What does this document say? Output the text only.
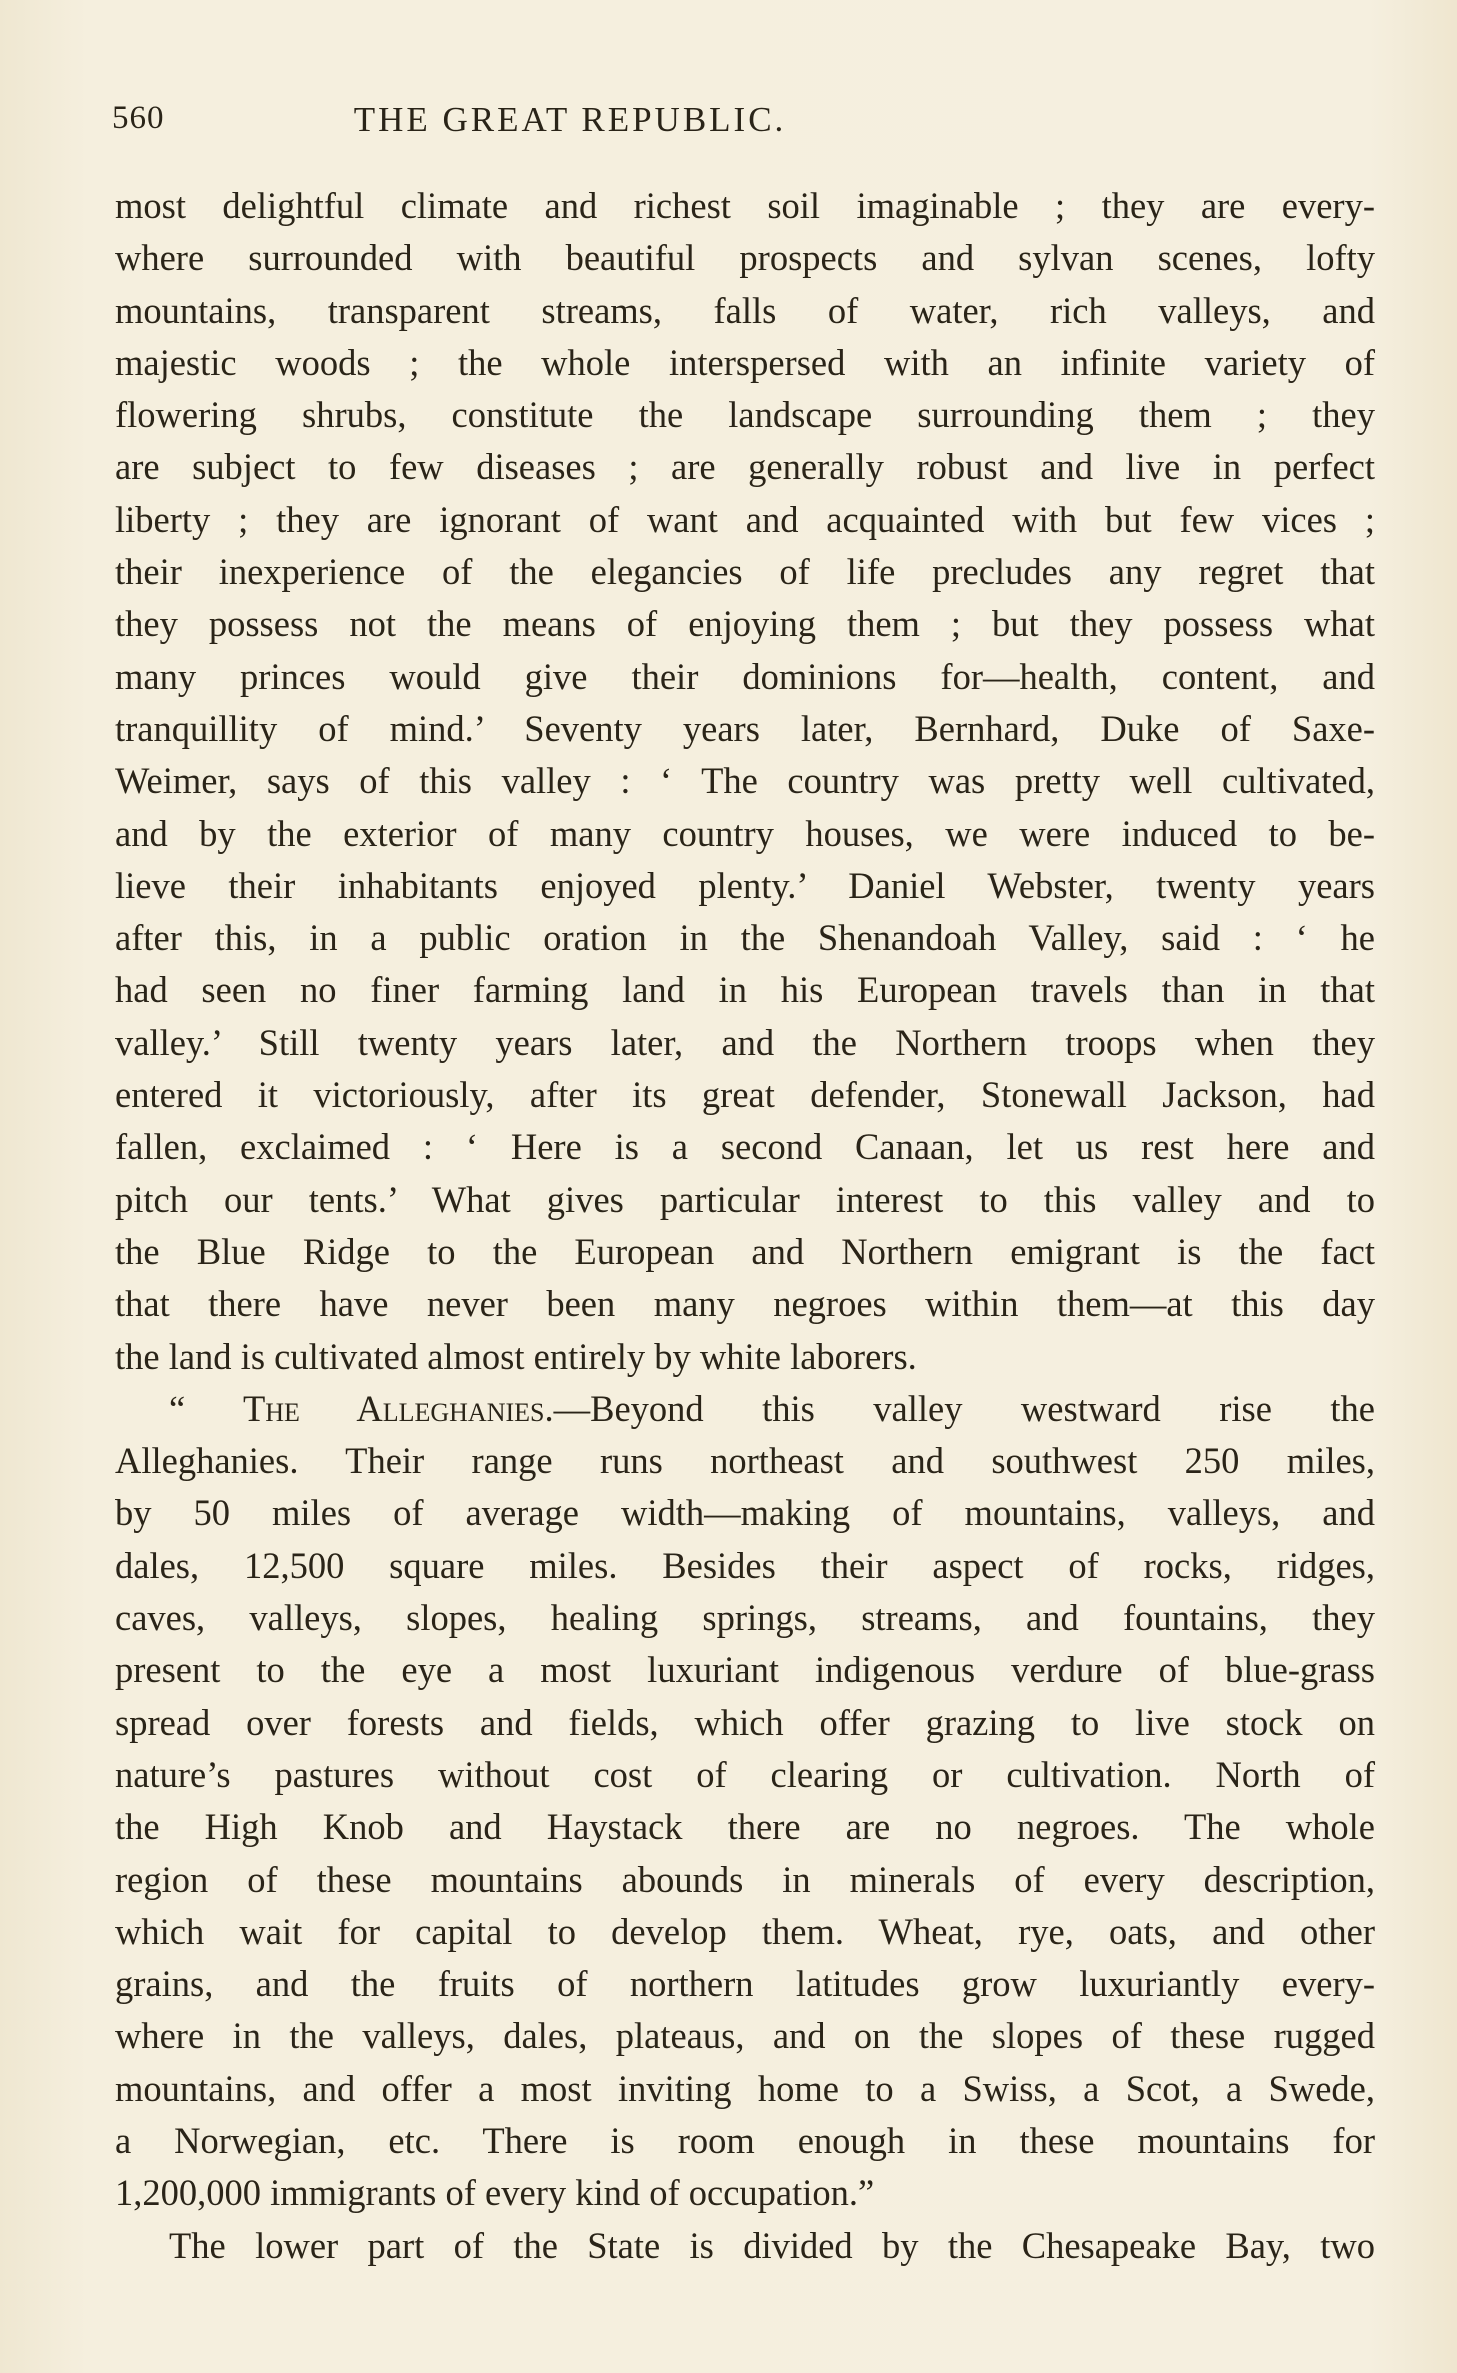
560	THE GREAT REPUBLIC.
most delightful climate and richest soil imaginable ; they are every-
where surrounded with beautiful prospects and sylvan scenes, lofty
mountains, transparent streams, falls of water, rich valleys, and
majestic woods ; the whole interspersed with an infinite variety of
flowering shrubs, constitute the landscape surrounding them ; they
are subject to few diseases ; are generally robust and live in perfect
liberty ; they are ignorant of want and acquainted with but few vices ;
their inexperience of the elegancies of life precludes any regret that
they possess not the means of enjoying them ; but they possess what
many princes would give their dominions for—health, content, and
tranquillity of mind.’ Seventy years later, Bernhard, Duke of Saxe-
Weimer, says of this valley : ‘ The country was pretty well cultivated,
and by the exterior of many country houses, we were induced to be-
lieve their inhabitants enjoyed plenty.’ Daniel Webster, twenty years
after this, in a public oration in the Shenandoah Valley, said : ‘ he
had seen no finer farming land in his European travels than in that
valley.’ Still twenty years later, and the Northern troops when they
entered it victoriously, after its great defender, Stonewall Jackson, had
fallen, exclaimed : ‘ Here is a second Canaan, let us rest here and
pitch our tents.’ What gives particular interest to this valley and to
the Blue Ridge to the European and Northern emigrant is the fact
that there have never been many negroes within them—at this day
the land is cultivated almost entirely by white laborers.
“ The Alleghanies.—Beyond this valley westward rise the
Alleghanies. Their range runs northeast and southwest 250 miles,
by 50 miles of average width—making of mountains, valleys, and
dales, 12,500 square miles. Besides their aspect of rocks, ridges,
caves, valleys, slopes, healing springs, streams, and fountains, they
present to the eye a most luxuriant indigenous verdure of blue-grass
spread over forests and fields, which offer grazing to live stock on
nature’s pastures without cost of clearing or cultivation. North of
the High Knob and Haystack there are no negroes. The whole
region of these mountains abounds in minerals of every description,
which wait for capital to develop them. Wheat, rye, oats, and other
grains, and the fruits of northern latitudes grow luxuriantly every-
where in the valleys, dales, plateaus, and on the slopes of these rugged
mountains, and offer a most inviting home to a Swiss, a Scot, a Swede,
a Norwegian, etc. There is room enough in these mountains for
1,200,000 immigrants of every kind of occupation.”
The lower part of the State is divided by the Chesapeake Bay, two
